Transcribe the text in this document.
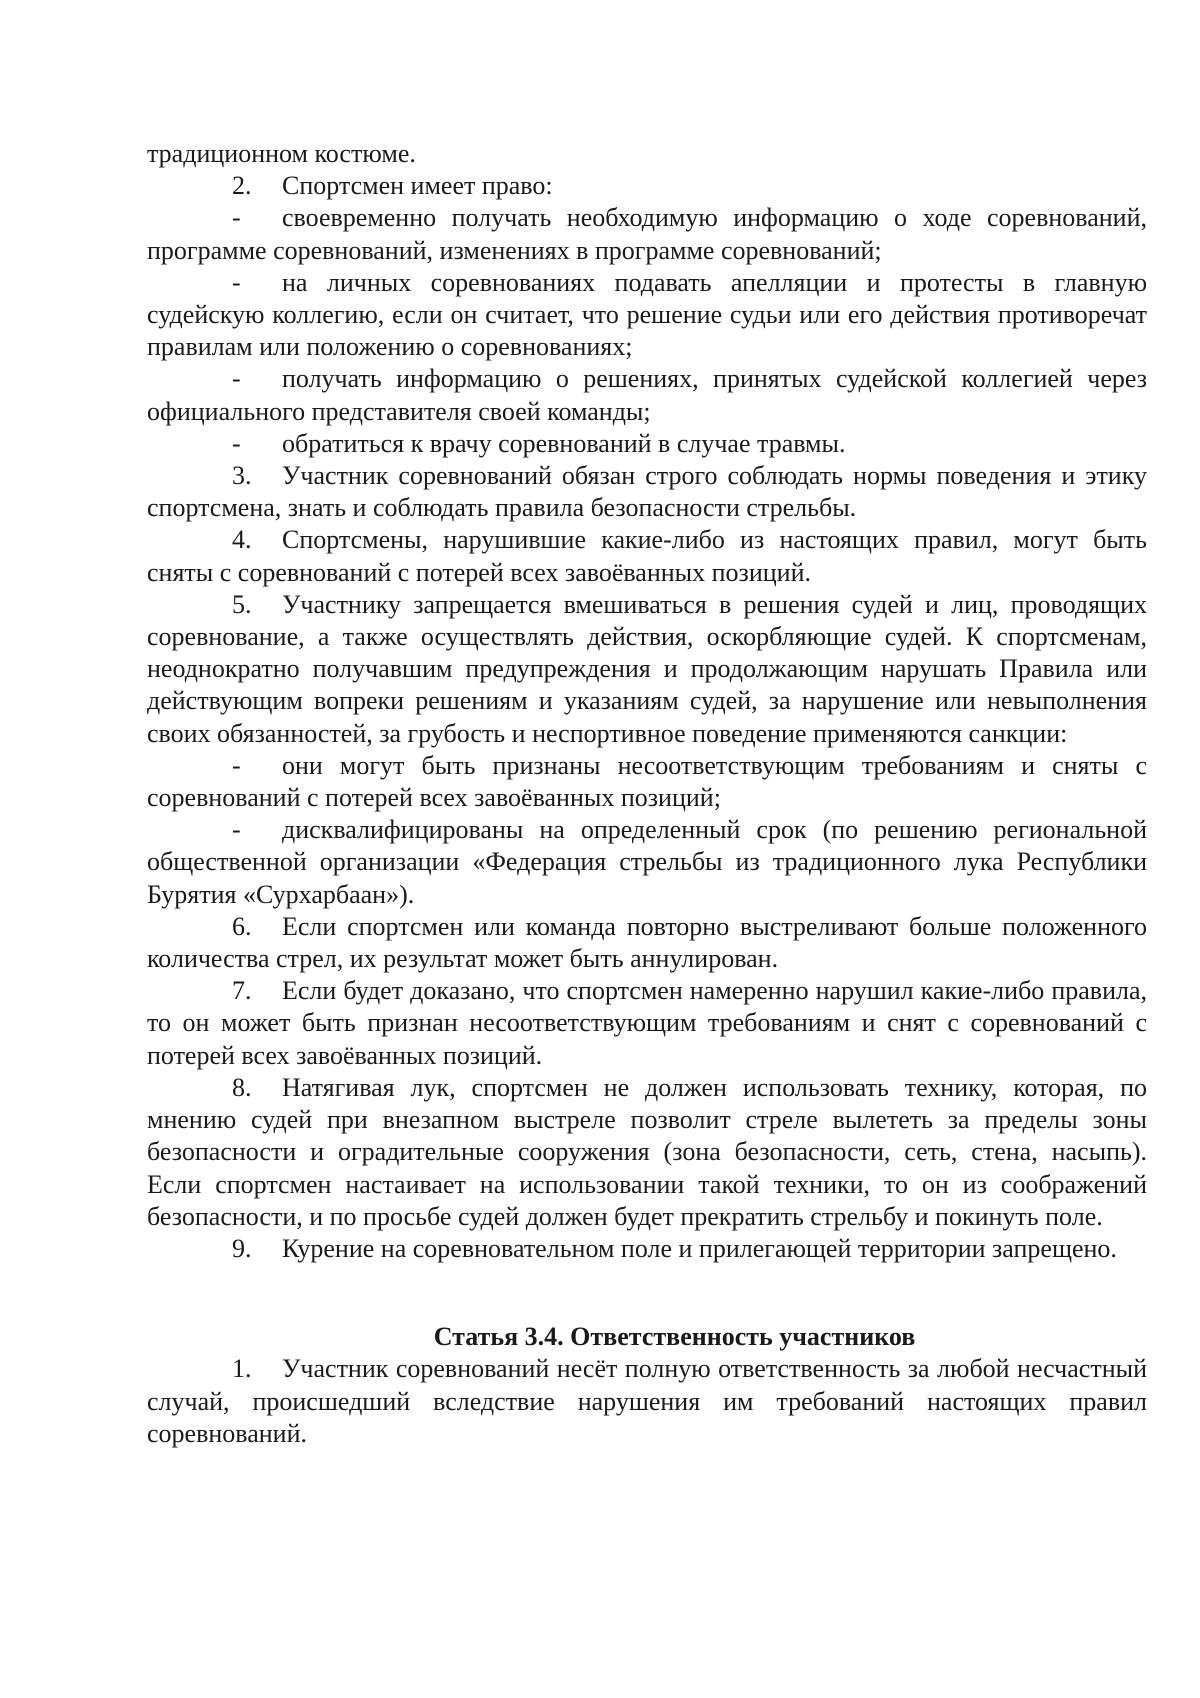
традиционном костюме.

2. Спортсмен имеет право:

- своевременно получать необходимую информацию о ходе соревнований, программе соревнований, изменениях в программе соревнований;

- на личных соревнованиях подавать апелляции и протесты в главную судейскую коллегию, если он считает, что решение судьи или его действия противоречат правилам или положению о соревнованиях;

- получать информацию о решениях, принятых судейской коллегией через официального представителя своей команды;

- обратиться к врачу соревнований в случае травмы.

3. Участник соревнований обязан строго соблюдать нормы поведения и этику спортсмена, знать и соблюдать правила безопасности стрельбы.

4. Спортсмены, нарушившие какие-либо из настоящих правил, могут быть сняты с соревнований с потерей всех завоёванных позиций.

5. Участнику запрещается вмешиваться в решения судей и лиц, проводящих соревнование, а также осуществлять действия, оскорбляющие судей. К спортсменам, неоднократно получавшим предупреждения и продолжающим нарушать Правила или действующим вопреки решениям и указаниям судей, за нарушение или невыполнения своих обязанностей, за грубость и неспортивное поведение применяются санкции:

- они могут быть признаны несоответствующим требованиям и сняты с соревнований с потерей всех завоёванных позиций;

- дисквалифицированы на определенный срок (по решению региональной общественной организации «Федерация стрельбы из традиционного лука Республики Бурятия «Сурхарбаан»).

6. Если спортсмен или команда повторно выстреливают больше положенного количества стрел, их результат может быть аннулирован.

7. Если будет доказано, что спортсмен намеренно нарушил какие-либо правила, то он может быть признан несоответствующим требованиям и снят с соревнований с потерей всех завоёванных позиций.

8. Натягивая лук, спортсмен не должен использовать технику, которая, по мнению судей при внезапном выстреле позволит стреле вылететь за пределы зоны безопасности и оградительные сооружения (зона безопасности, сеть, стена, насыпь). Если спортсмен настаивает на использовании такой техники, то он из соображений безопасности, и по просьбе судей должен будет прекратить стрельбу и покинуть поле.

9. Курение на соревновательном поле и прилегающей территории запрещено.

Статья 3.4. Ответственность участников

1. Участник соревнований несёт полную ответственность за любой несчастный случай, происшедший вследствие нарушения им требований настоящих правил соревнований.
